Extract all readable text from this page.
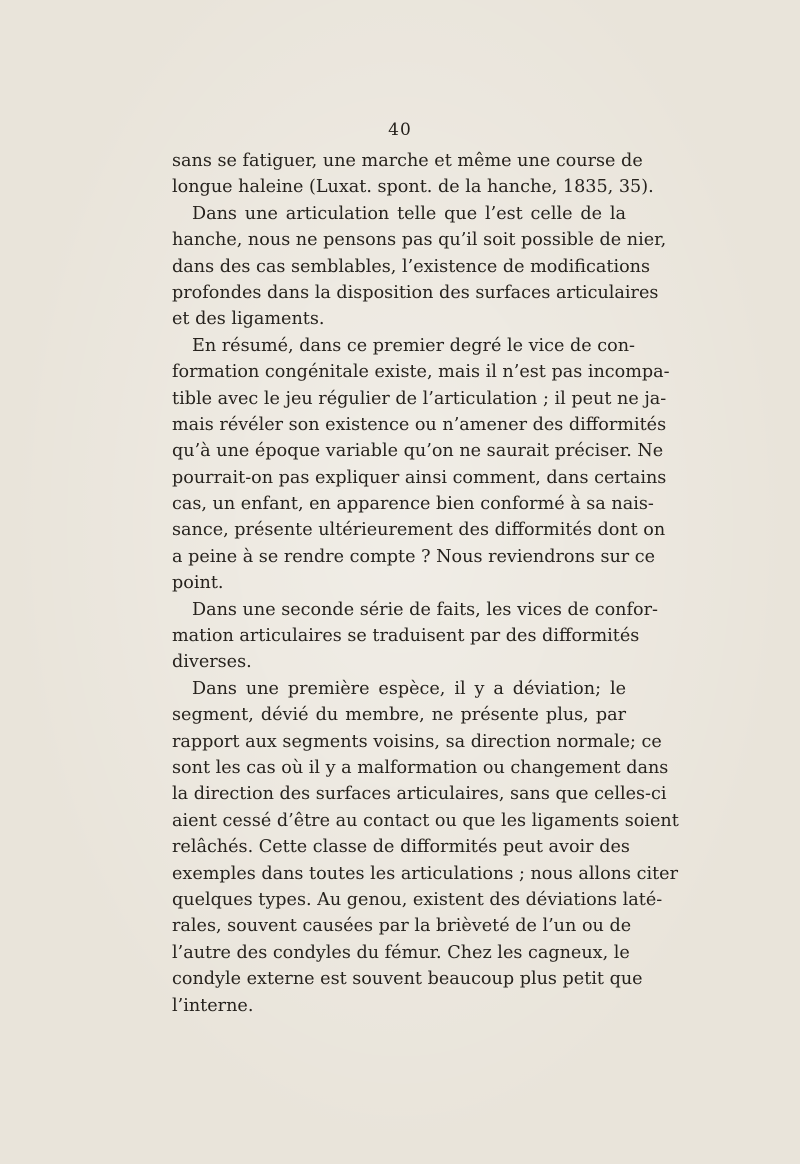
40
sans se fatiguer, une marche et même une course de
longue haleine (Luxat. spont. de la hanche, 1835, 35).
Dans une articulation telle que l’est celle de la
hanche, nous ne pensons pas qu’il soit possible de nier,
dans des cas semblables, l’existence de modifications
profondes dans la disposition des surfaces articulaires
et des ligaments.
En résumé, dans ce premier degré le vice de con-
formation congénitale existe, mais il n’est pas incompa-
tible avec le jeu régulier de l’articulation ; il peut ne ja-
mais révéler son existence ou n’amener des difformités
qu’à une époque variable qu’on ne saurait préciser. Ne
pourrait-on pas expliquer ainsi comment, dans certains
cas, un enfant, en apparence bien conformé à sa nais-
sance, présente ultérieurement des difformités dont on
a peine à se rendre compte ? Nous reviendrons sur ce
point.
Dans une seconde série de faits, les vices de confor-
mation articulaires se traduisent par des difformités
diverses.
Dans une première espèce, il y a déviation; le
segment, dévié du membre, ne présente plus, par
rapport aux segments voisins, sa direction normale; ce
sont les cas où il y a malformation ou changement dans
la direction des surfaces articulaires, sans que celles-ci
aient cessé d’être au contact ou que les ligaments soient
relâchés. Cette classe de difformités peut avoir des
exemples dans toutes les articulations ; nous allons citer
quelques types. Au genou, existent des déviations laté-
rales, souvent causées par la brièveté de l’un ou de
l’autre des condyles du fémur. Chez les cagneux, le
condyle externe est souvent beaucoup plus petit que
l’interne.
